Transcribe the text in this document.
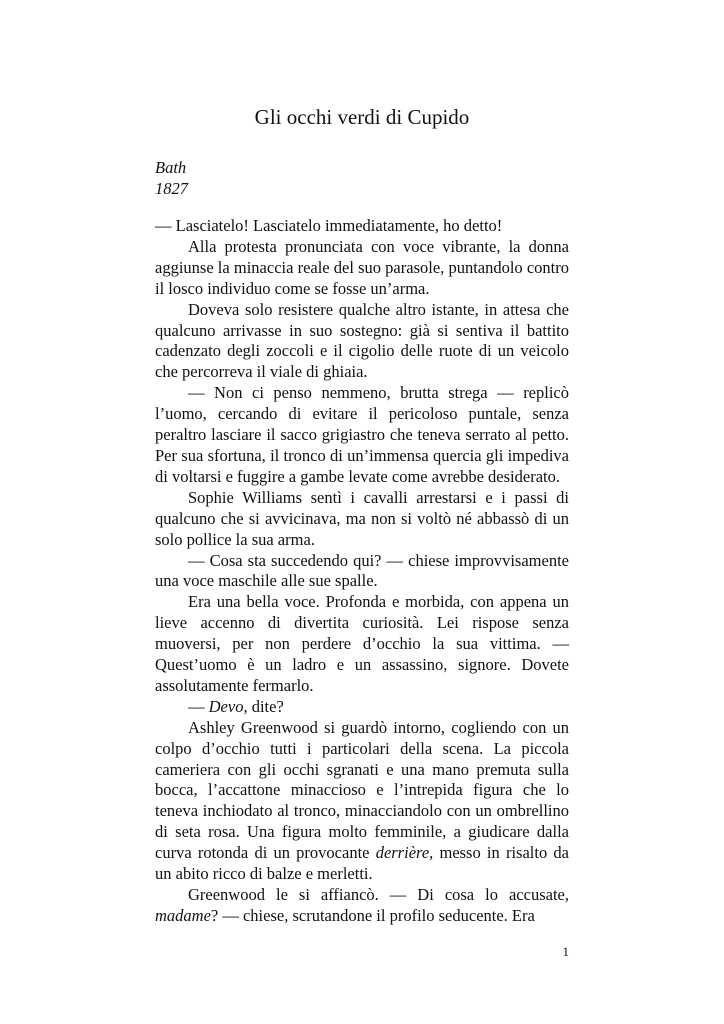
Gli occhi verdi di Cupido
Bath
1827

— Lasciatelo! Lasciatelo immediatamente, ho detto!

Alla protesta pronunciata con voce vibrante, la donna aggiunse la minaccia reale del suo parasole, puntandolo contro il losco individuo come se fosse un’arma.

Doveva solo resistere qualche altro istante, in attesa che qualcuno arrivasse in suo sostegno: già si sentiva il battito cadenzato degli zoccoli e il cigolio delle ruote di un veicolo che percorreva il viale di ghiaia.

— Non ci penso nemmeno, brutta strega — replicò l’uomo, cercando di evitare il pericoloso puntale, senza peraltro lasciare il sacco grigiastro che teneva serrato al petto. Per sua sfortuna, il tronco di un’immensa quercia gli impediva di voltarsi e fuggire a gambe levate come avrebbe desiderato.

Sophie Williams sentì i cavalli arrestarsi e i passi di qualcuno che si avvicinava, ma non si voltò né abbassò di un solo pollice la sua arma.

— Cosa sta succedendo qui? — chiese improvvisamente una voce maschile alle sue spalle.

Era una bella voce. Profonda e morbida, con appena un lieve accenno di divertita curiosità. Lei rispose senza muoversi, per non perdere d’occhio la sua vittima. — Quest’uomo è un ladro e un assassino, signore. Dovete assolutamente fermarlo.

— Devo, dite?

Ashley Greenwood si guardò intorno, cogliendo con un colpo d’occhio tutti i particolari della scena. La piccola cameriera con gli occhi sgranati e una mano premuta sulla bocca, l’accattone minaccioso e l’intrepida figura che lo teneva inchiodato al tronco, minacciandolo con un ombrellino di seta rosa. Una figura molto femminile, a giudicare dalla curva rotonda di un provocante derrière, messo in risalto da un abito ricco di balze e merletti.

Greenwood le si affiancò. — Di cosa lo accusate, madame? — chiese, scrutandone il profilo seducente. Era

1
